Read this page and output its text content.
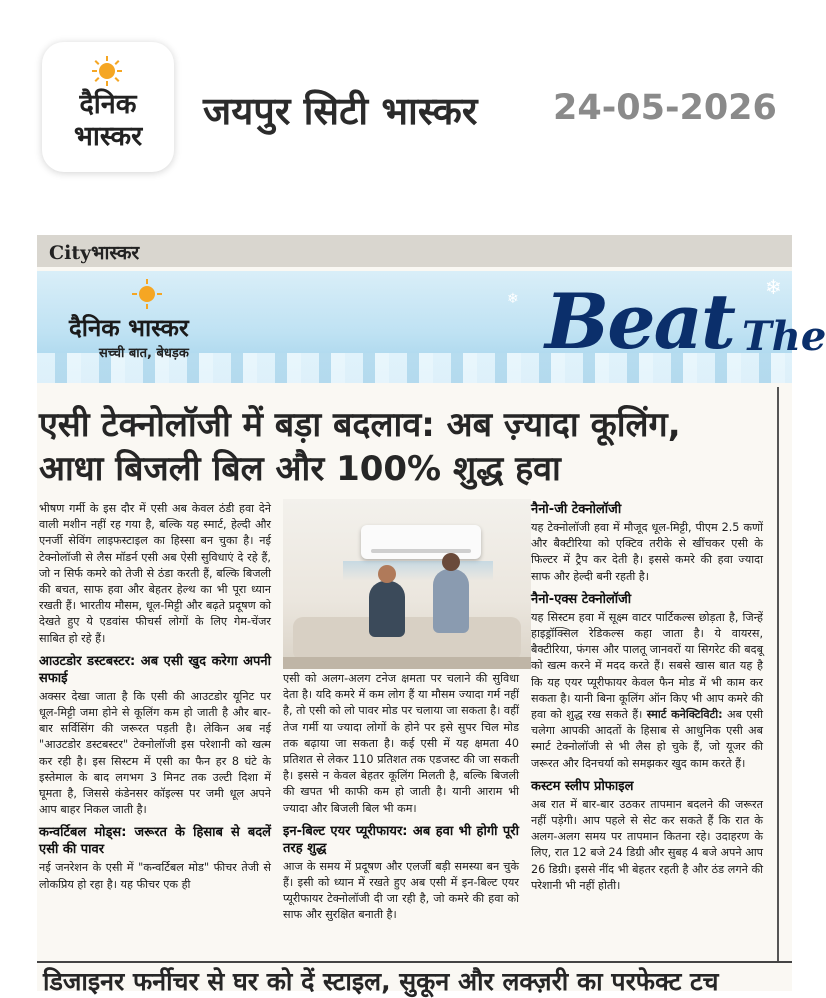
दैनिक
भास्कर
जयपुर सिटी भास्कर 24-05-2026
Cityभास्कर
दैनिक भास्कर
सच्ची बात, बेधड़क	Beat The
❄
❄
एसी टेक्नोलॉजी में बड़ा बदलाव: अब ज़्यादा कूलिंग,
आधा बिजली बिल और 100% शुद्ध हवा

भीषण गर्मी के इस दौर में एसी अब केवल ठंडी हवा देने वाली मशीन नहीं रह गया है, बल्कि यह स्मार्ट, हेल्दी और एनर्जी सेविंग लाइफस्टाइल का हिस्सा बन चुका है। नई टेक्नोलॉजी से लैस मॉडर्न एसी अब ऐसी सुविधाएं दे रहे हैं, जो न सिर्फ कमरे को तेजी से ठंडा करती हैं, बल्कि बिजली की बचत, साफ हवा और बेहतर हेल्थ का भी पूरा ध्यान रखती हैं। भारतीय मौसम, धूल-मिट्टी और बढ़ते प्रदूषण को देखते हुए ये एडवांस फीचर्स लोगों के लिए गेम-चेंजर साबित हो रहे हैं।

आउटडोर डस्टबस्टर: अब एसी खुद करेगा अपनी सफाई

अक्सर देखा जाता है कि एसी की आउटडोर यूनिट पर धूल-मिट्टी जमा होने से कूलिंग कम हो जाती है और बार-बार सर्विसिंग की जरूरत पड़ती है। लेकिन अब नई "आउटडोर डस्टबस्टर" टेक्नोलॉजी इस परेशानी को खत्म कर रही है। इस सिस्टम में एसी का फैन हर 8 घंटे के इस्तेमाल के बाद लगभग 3 मिनट तक उल्टी दिशा में घूमता है, जिससे कंडेनसर कॉइल्स पर जमी धूल अपने आप बाहर निकल जाती है।

कन्वर्टिबल मोड्स: जरूरत के हिसाब से बदलें एसी की पावर

नई जनरेशन के एसी में "कन्वर्टिबल मोड" फीचर तेजी से लोकप्रिय हो रहा है। यह फीचर एक ही

एसी को अलग-अलग टनेज क्षमता पर चलाने की सुविधा देता है। यदि कमरे में कम लोग हैं या मौसम ज्यादा गर्म नहीं है, तो एसी को लो पावर मोड पर चलाया जा सकता है। वहीं तेज गर्मी या ज्यादा लोगों के होने पर इसे सुपर चिल मोड तक बढ़ाया जा सकता है। कई एसी में यह क्षमता 40 प्रतिशत से लेकर 110 प्रतिशत तक एडजस्ट की जा सकती है। इससे न केवल बेहतर कूलिंग मिलती है, बल्कि बिजली की खपत भी काफी कम हो जाती है। यानी आराम भी ज्यादा और बिजली बिल भी कम।

इन-बिल्ट एयर प्यूरीफायर: अब हवा भी होगी पूरी तरह शुद्ध

आज के समय में प्रदूषण और एलर्जी बड़ी समस्या बन चुके हैं। इसी को ध्यान में रखते हुए अब एसी में इन-बिल्ट एयर प्यूरीफायर टेक्नोलॉजी दी जा रही है, जो कमरे की हवा को साफ और सुरक्षित बनाती है।

नैनो-जी टेक्नोलॉजी

यह टेक्नोलॉजी हवा में मौजूद धूल-मिट्टी, पीएम 2.5 कणों और बैक्टीरिया को एक्टिव तरीके से खींचकर एसी के फिल्टर में ट्रैप कर देती है। इससे कमरे की हवा ज्यादा साफ और हेल्दी बनी रहती है।

नैनो-एक्स टेक्नोलॉजी

यह सिस्टम हवा में सूक्ष्म वाटर पार्टिकल्स छोड़ता है, जिन्हें हाइड्रॉक्सिल रेडिकल्स कहा जाता है। ये वायरस, बैक्टीरिया, फंगस और पालतू जानवरों या सिगरेट की बदबू को खत्म करने में मदद करते हैं। सबसे खास बात यह है कि यह एयर प्यूरीफायर केवल फैन मोड में भी काम कर सकता है। यानी बिना कूलिंग ऑन किए भी आप कमरे की हवा को शुद्ध रख सकते हैं। स्मार्ट कनेक्टिविटी: अब एसी चलेगा आपकी आदतों के हिसाब से आधुनिक एसी अब स्मार्ट टेक्नोलॉजी से भी लैस हो चुके हैं, जो यूजर की जरूरत और दिनचर्या को समझकर खुद काम करते हैं।

कस्टम स्लीप प्रोफाइल

अब रात में बार-बार उठकर तापमान बदलने की जरूरत नहीं पड़ेगी। आप पहले से सेट कर सकते हैं कि रात के अलग-अलग समय पर तापमान कितना रहे। उदाहरण के लिए, रात 12 बजे 24 डिग्री और सुबह 4 बजे अपने आप 26 डिग्री। इससे नींद भी बेहतर रहती है और ठंड लगने की परेशानी भी नहीं होती।

डिजाइनर फर्नीचर से घर को दें स्टाइल, सुकून और लक्ज़री का परफेक्ट टच
